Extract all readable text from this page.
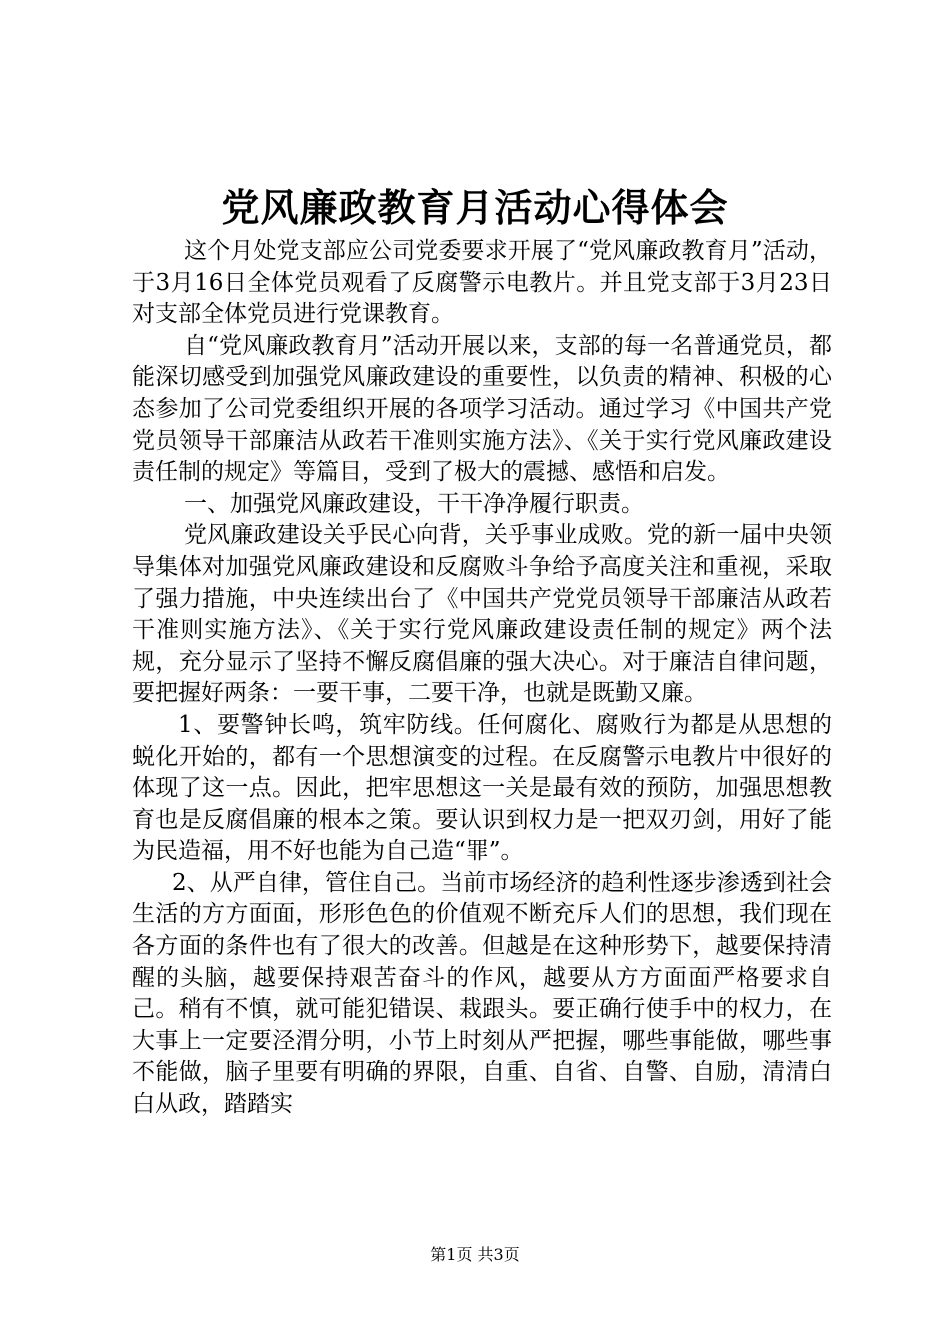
党风廉政教育月活动心得体会

这个月处党支部应公司党委要求开展了“党风廉政教育月”活动，于3月16日全体党员观看了反腐警示电教片。并且党支部于3月23日对支部全体党员进行党课教育。

自“党风廉政教育月”活动开展以来，支部的每一名普通党员，都能深切感受到加强党风廉政建设的重要性，以负责的精神、积极的心态参加了公司党委组织开展的各项学习活动。通过学习《中国共产党党员领导干部廉洁从政若干准则实施方法》、《关于实行党风廉政建设责任制的规定》等篇目，受到了极大的震撼、感悟和启发。

一、加强党风廉政建设，干干净净履行职责。

党风廉政建设关乎民心向背，关乎事业成败。党的新一届中央领导集体对加强党风廉政建设和反腐败斗争给予高度关注和重视，采取了强力措施，中央连续出台了《中国共产党党员领导干部廉洁从政若干准则实施方法》、《关于实行党风廉政建设责任制的规定》两个法规，充分显示了坚持不懈反腐倡廉的强大决心。对于廉洁自律问题，要把握好两条：一要干事，二要干净，也就是既勤又廉。

1、要警钟长鸣，筑牢防线。任何腐化、腐败行为都是从思想的蜕化开始的，都有一个思想演变的过程。在反腐警示电教片中很好的体现了这一点。因此，把牢思想这一关是最有效的预防，加强思想教育也是反腐倡廉的根本之策。要认识到权力是一把双刃剑，用好了能为民造福，用不好也能为自己造“罪”。

2、从严自律，管住自己。当前市场经济的趋利性逐步渗透到社会生活的方方面面，形形色色的价值观不断充斥人们的思想，我们现在各方面的条件也有了很大的改善。但越是在这种形势下，越要保持清醒的头脑，越要保持艰苦奋斗的作风，越要从方方面面严格要求自己。稍有不慎，就可能犯错误、栽跟头。要正确行使手中的权力，在大事上一定要泾渭分明，小节上时刻从严把握，哪些事能做，哪些事不能做，脑子里要有明确的界限，自重、自省、自警、自励，清清白白从政，踏踏实

第1页 共3页
